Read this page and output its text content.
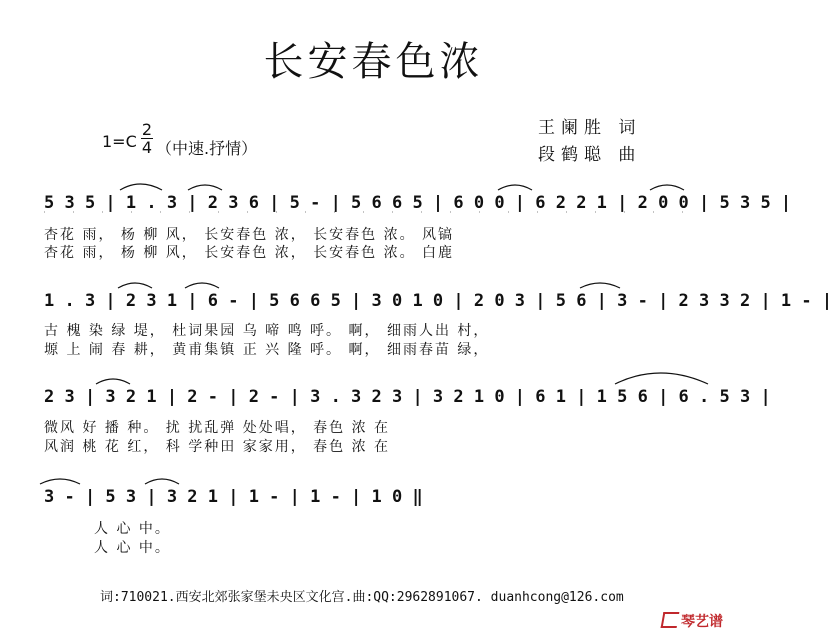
长安春色浓
1=C
2
4 （中速.抒情）
王阑胜 词
段鹤聪 曲
5 3 5 | 1 . 3 | 2 3 6 | 5 - | 5 6 6 5 | 6 0 0 | 6 2 2 1 | 2 0 0 | 5 3 5 |
杏花 雨， 杨 柳 风， 长安春色 浓， 长安春色 浓。 风镐
杏花 雨， 杨 柳 风， 长安春色 浓， 长安春色 浓。 白鹿
1 . 3 | 2 3 1 | 6 - | 5 6 6 5 | 3 0 1 0 | 2 0 3 | 5 6 | 3 - | 2 3 3 2 | 1 - |
古 槐 染 绿 堤， 杜词果园 乌 啼 鸣 呼。 啊， 细雨人出 村，
塬 上 闹 春 耕， 黄甫集镇 正 兴 隆 呼。 啊， 细雨春苗 绿，
2 3 | 3 2 1 | 2 - | 2 - | 3 . 3 2 3 | 3 2 1 0 | 6 1 | 1 5 6 | 6 . 5 3 |
微风 好 播 种。 扰 扰乱弹 处处唱， 春色 浓 在
风润 桃 花 红， 科 学种田 家家用， 春色 浓 在
3 - | 5 3 | 3 2 1 | 1 - | 1 - | 1 0 ‖
人 心 中。
人 心 中。
词:710021.西安北郊张家堡未央区文化宫.曲:QQ:2962891067. duanhcong@126.com
琴艺谱
